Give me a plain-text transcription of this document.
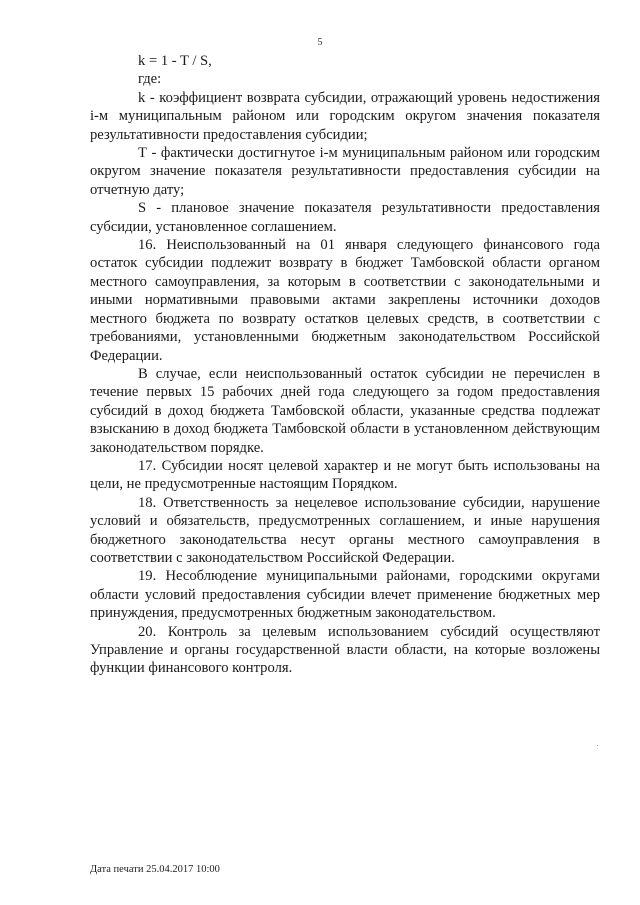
5

k = 1 - T / S,

где:

k - коэффициент возврата субсидии, отражающий уровень недостижения i-м муниципальным районом или городским округом значения показателя результативности предоставления субсидии;

Т - фактически достигнутое i-м муниципальным районом или городским округом значение показателя результативности предоставления субсидии на отчетную дату;

S - плановое значение показателя результативности предоставления субсидии, установленное соглашением.

16. Неиспользованный на 01 января следующего финансового года остаток субсидии подлежит возврату в бюджет Тамбовской области органом местного самоуправления, за которым в соответствии с законодательными и иными нормативными правовыми актами закреплены источники доходов местного бюджета по возврату остатков целевых средств, в соответствии с требованиями, установленными бюджетным законодательством Российской Федерации.

В случае, если неиспользованный остаток субсидии не перечислен в течение первых 15 рабочих дней года следующего за годом предоставления субсидий в доход бюджета Тамбовской области, указанные средства подлежат взысканию в доход бюджета Тамбовской области в установленном действующим законодательством порядке.

17. Субсидии носят целевой характер и не могут быть использованы на цели, не предусмотренные настоящим Порядком.

18. Ответственность за нецелевое использование субсидии, нарушение условий и обязательств, предусмотренных соглашением, и иные нарушения бюджетного законодательства несут органы местного самоуправления в соответствии с законодательством Российской Федерации.

19. Несоблюдение муниципальными районами, городскими округами области условий предоставления субсидии влечет применение бюджетных мер принуждения, предусмотренных бюджетным законодательством.

20. Контроль за целевым использованием субсидий осуществляют Управление и органы государственной власти области, на которые возложены функции финансового контроля.

Дата печати 25.04.2017 10:00
